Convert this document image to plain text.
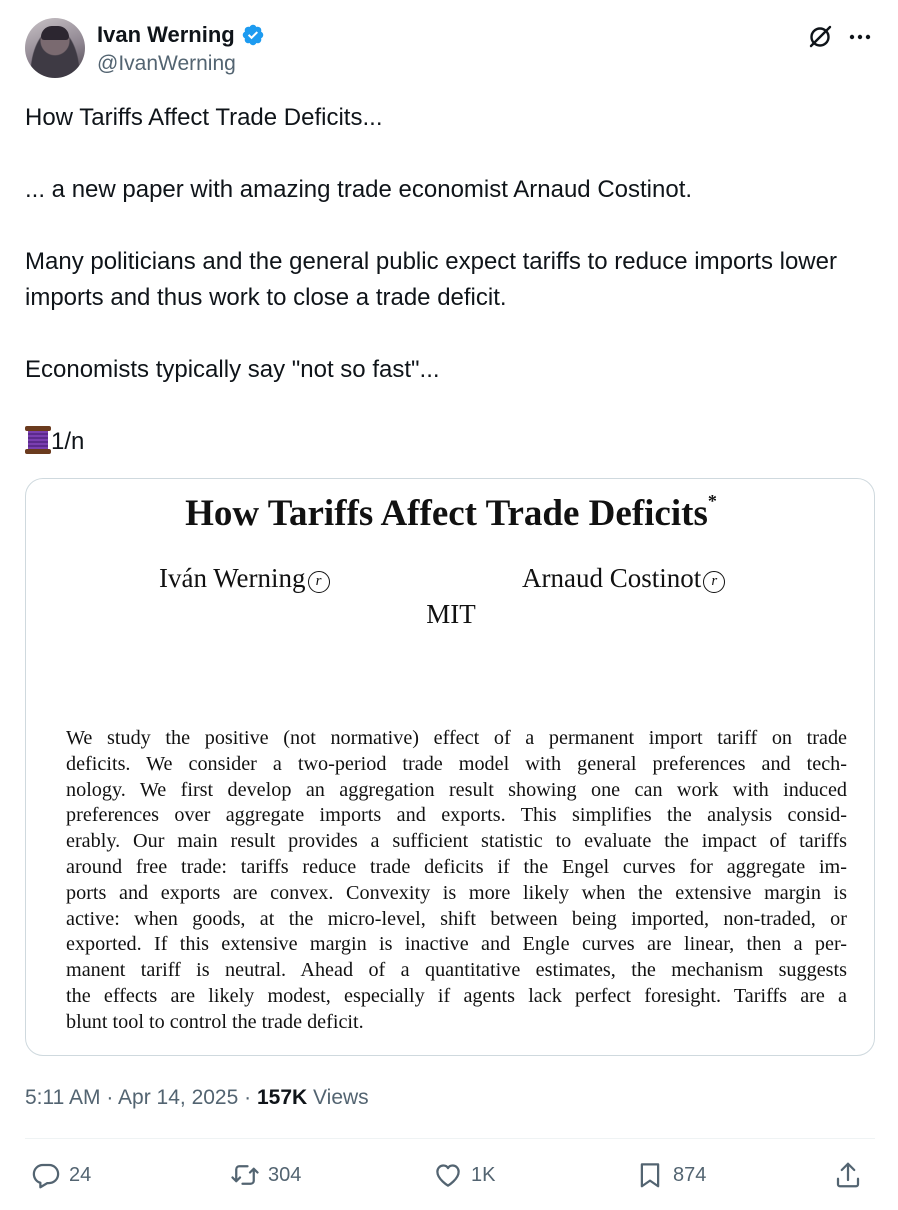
Ivan Werning
@IvanWerning

How Tariffs Affect Trade Deficits...

... a new paper with amazing trade economist Arnaud Costinot.

Many politicians and the general public expect tariffs to reduce imports lower imports and thus work to close a trade deficit.

Economists typically say "not so fast"...

1/n

How Tariffs Affect Trade Deficits*
Iván Werning r	Arnaud Costinot r
MIT
We study the positive (not normative) effect of a permanent import tariff on trade
deficits. We consider a two-period trade model with general preferences and tech-
nology. We first develop an aggregation result showing one can work with induced
preferences over aggregate imports and exports. This simplifies the analysis consid-
erably. Our main result provides a sufficient statistic to evaluate the impact of tariffs
around free trade: tariffs reduce trade deficits if the Engel curves for aggregate im-
ports and exports are convex. Convexity is more likely when the extensive margin is
active: when goods, at the micro-level, shift between being imported, non-traded, or
exported. If this extensive margin is inactive and Engle curves are linear, then a per-
manent tariff is neutral. Ahead of a quantitative estimates, the mechanism suggests
the effects are likely modest, especially if agents lack perfect foresight. Tariffs are a
blunt tool to control the trade deficit.
5:11 AM · Apr 14, 2025 · 157K Views
24	304	1K	874
